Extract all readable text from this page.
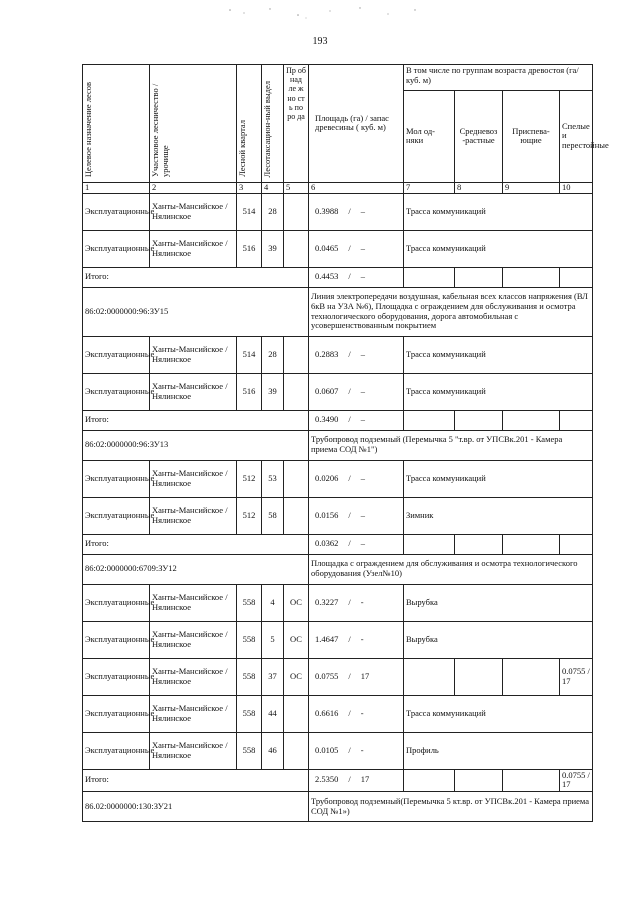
193
Целевое назначение лесов	Участковое лесничество / урочище	Лесной квартал	Лесотаксацион-ный выдел	Пр об над ле ж но ст ь по ро да	Площадь (га) / запас древесины ( куб. м)	В том числе по группам возраста древостоя (га/ куб. м)			
						Мол од-няки	Средневоз -растные	Приспева-ющие	Спелые и перестойные
1	2	3	4	5	6	7	8	9	10
Эксплуатационные	Ханты-Мансийское / Нялинское	514	28		0.3988 / –	Трасса коммуникаций			
Эксплуатационные	Ханты-Мансийское / Нялинское	516	39		0.0465 / –	Трасса коммуникаций			
Итого:					0.4453 / –				
86:02:0000000:96:ЗУ15					Линия электропередачи воздушная, кабельная всех классов напряжения (ВЛ 6кВ на УЗА №6), Площадка с ограждением для обслуживания и осмотра технологического оборудования, дорога автомобильная с усовершенствованным покрытием				
Эксплуатационные	Ханты-Мансийское / Нялинское	514	28		0.2883 / –	Трасса коммуникаций			
Эксплуатационные	Ханты-Мансийское / Нялинское	516	39		0.0607 / –	Трасса коммуникаций			
Итого:					0.3490 / –				
86:02:0000000:96:ЗУ13					Трубопровод подземный (Перемычка 5 "т.вр. от УПСВк.201 - Камера приема СОД №1")				
Эксплуатационные	Ханты-Мансийское / Нялинское	512	53		0.0206 / –	Трасса коммуникаций			
Эксплуатационные	Ханты-Мансийское / Нялинское	512	58		0.0156 / –	Зимник			
Итого:					0.0362 / –				
86:02:0000000:6709:ЗУ12					Площадка с ограждением для обслуживания и осмотра технологического оборудования (Узел№10)				
Эксплуатационные	Ханты-Мансийское / Нялинское	558	4	ОС	0.3227 / -	Вырубка			
Эксплуатационные	Ханты-Мансийское / Нялинское	558	5	ОС	1.4647 / -	Вырубка			
Эксплуатационные	Ханты-Мансийское / Нялинское	558	37	ОС	0.0755 / 17				0.0755 / 17
Эксплуатационные	Ханты-Мансийское / Нялинское	558	44		0.6616 / -	Трасса коммуникаций			
Эксплуатационные	Ханты-Мансийское / Нялинское	558	46		0.0105 / -	Профиль			
Итого:					2.5350 / 17				0.0755 / 17
86.02:0000000:130:ЗУ21					Трубопровод подземный(Перемычка 5 кт.вр. от УПСВк.201 - Камера приема СОД №1»)				
